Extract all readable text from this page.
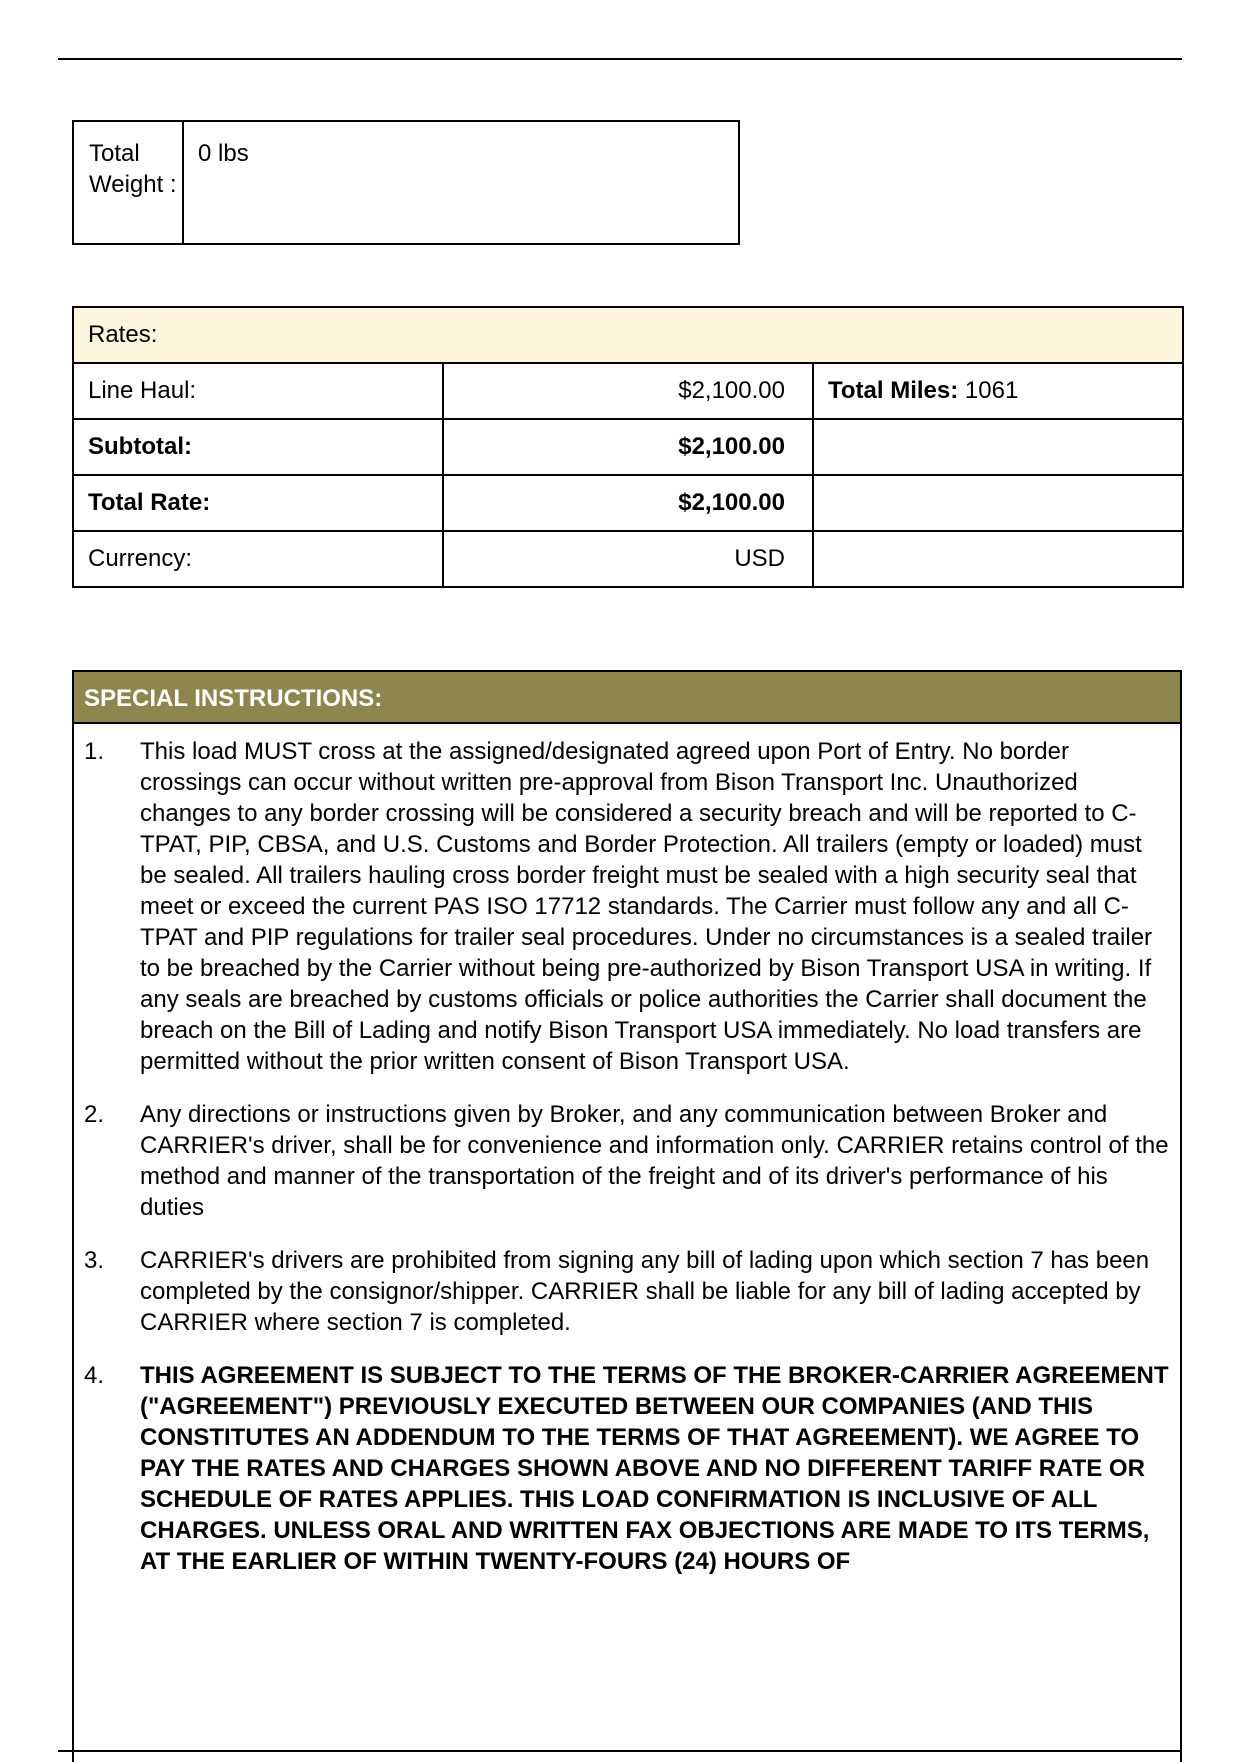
Total Weight :
0 lbs
Rates:		
Line Haul:	$2,100.00	Total Miles: 1061
Subtotal:	$2,100.00	
Total Rate:	$2,100.00	
Currency:	USD	
SPECIAL INSTRUCTIONS:
1.	This load MUST cross at the assigned/designated agreed upon Port of Entry. No border crossings can occur without written pre-approval from Bison Transport Inc. Unauthorized changes to any border crossing will be considered a security breach and will be reported to C-TPAT, PIP, CBSA, and U.S. Customs and Border Protection. All trailers (empty or loaded) must be sealed. All trailers hauling cross border freight must be sealed with a high security seal that meet or exceed the current PAS ISO 17712 standards. The Carrier must follow any and all C-TPAT and PIP regulations for trailer seal procedures. Under no circumstances is a sealed trailer to be breached by the Carrier without being pre-authorized by Bison Transport USA in writing. If any seals are breached by customs officials or police authorities the Carrier shall document the breach on the Bill of Lading and notify Bison Transport USA immediately. No load transfers are permitted without the prior written consent of Bison Transport USA.
2.	Any directions or instructions given by Broker, and any communication between Broker and CARRIER's driver, shall be for convenience and information only. CARRIER retains control of the method and manner of the transportation of the freight and of its driver's performance of his duties
3.	CARRIER's drivers are prohibited from signing any bill of lading upon which section 7 has been completed by the consignor/shipper. CARRIER shall be liable for any bill of lading accepted by CARRIER where section 7 is completed.
4.	THIS AGREEMENT IS SUBJECT TO THE TERMS OF THE BROKER-CARRIER AGREEMENT ("AGREEMENT") PREVIOUSLY EXECUTED BETWEEN OUR COMPANIES (AND THIS CONSTITUTES AN ADDENDUM TO THE TERMS OF THAT AGREEMENT). WE AGREE TO PAY THE RATES AND CHARGES SHOWN ABOVE AND NO DIFFERENT TARIFF RATE OR SCHEDULE OF RATES APPLIES. THIS LOAD CONFIRMATION IS INCLUSIVE OF ALL CHARGES. UNLESS ORAL AND WRITTEN FAX OBJECTIONS ARE MADE TO ITS TERMS, AT THE EARLIER OF WITHIN TWENTY-FOURS (24) HOURS OF
